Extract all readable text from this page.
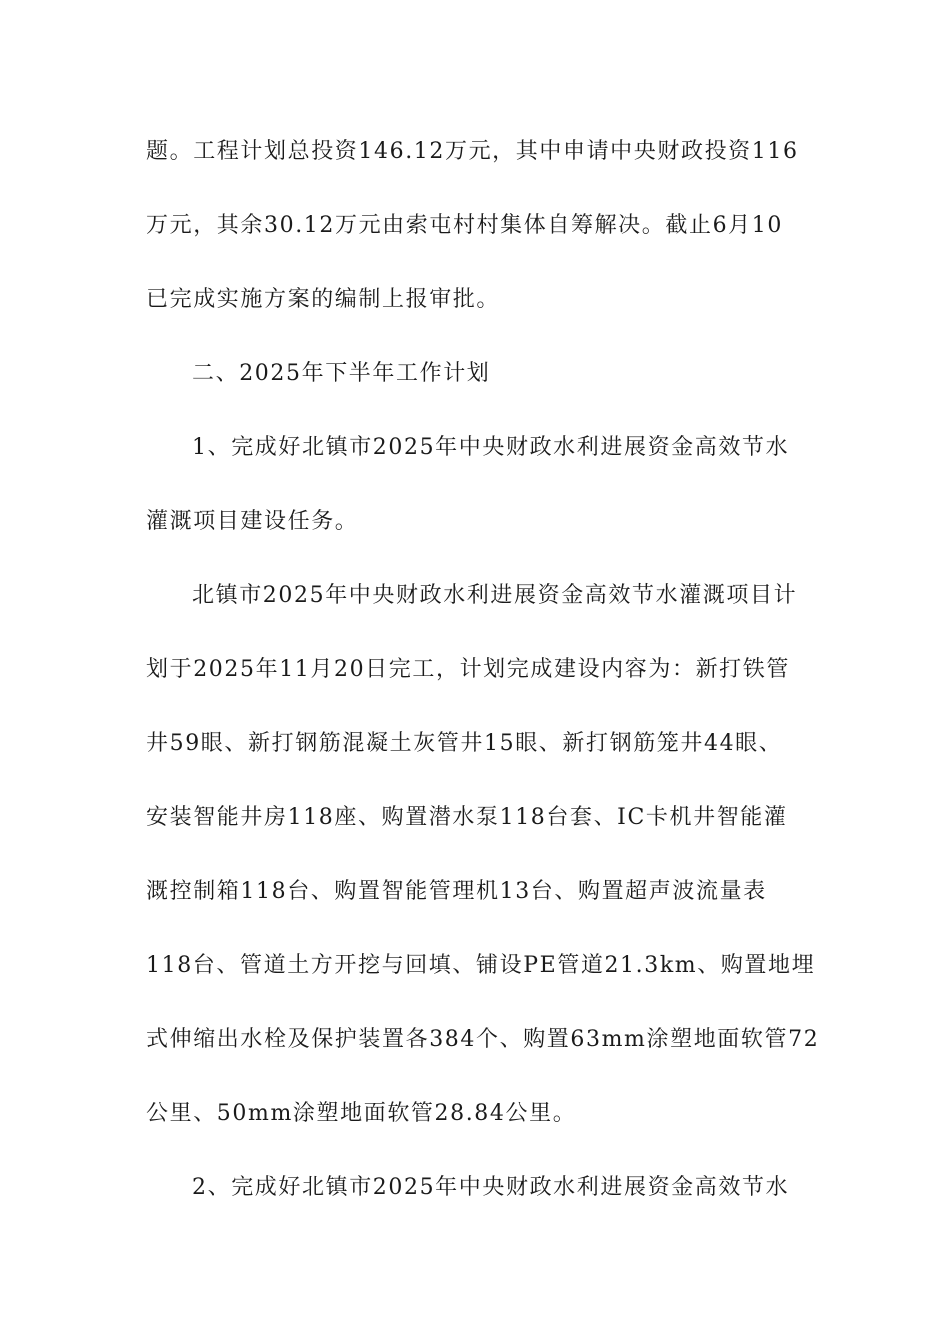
题。工程计划总投资146.12万元，其中申请中央财政投资116
万元，其余30.12万元由索屯村村集体自筹解决。截止6月10
已完成实施方案的编制上报审批。
二、2025年下半年工作计划
1、完成好北镇市2025年中央财政水利进展资金高效节水
灌溉项目建设任务。
北镇市2025年中央财政水利进展资金高效节水灌溉项目计
划于2025年11月20日完工，计划完成建设内容为：新打铁管
井59眼、新打钢筋混凝土灰管井15眼、新打钢筋笼井44眼、
安装智能井房118座、购置潜水泵118台套、IC卡机井智能灌
溉控制箱118台、购置智能管理机13台、购置超声波流量表
118台、管道土方开挖与回填、铺设PE管道21.3km、购置地埋
式伸缩出水栓及保护装置各384个、购置63mm涂塑地面软管72
公里、50mm涂塑地面软管28.84公里。
2、完成好北镇市2025年中央财政水利进展资金高效节水
